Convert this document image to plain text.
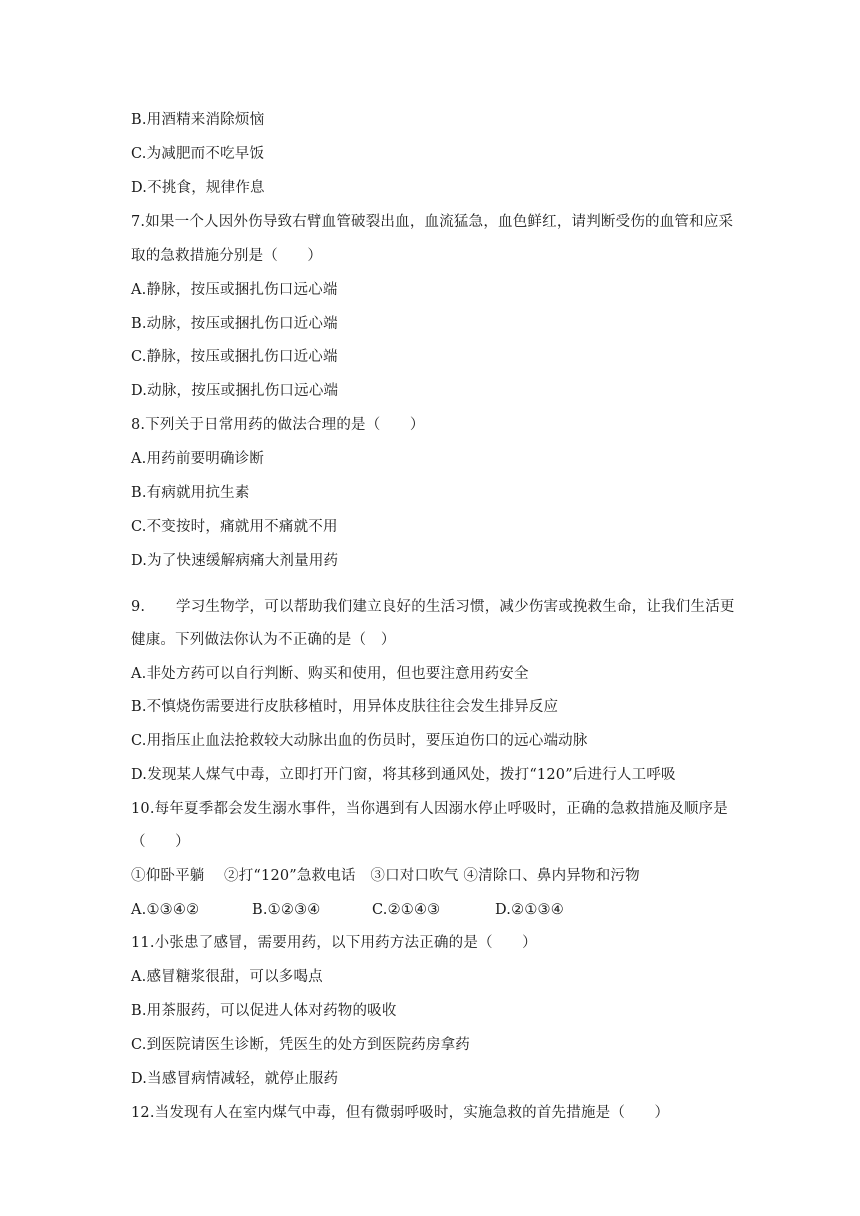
B.用酒精来消除烦恼
C.为减肥而不吃早饭
D.不挑食，规律作息
7.如果一个人因外伤导致右臂血管破裂出血，血流猛急，血色鲜红，请判断受伤的血管和应采
取的急救措施分别是（　　）
A.静脉，按压或捆扎伤口远心端
B.动脉，按压或捆扎伤口近心端
C.静脉，按压或捆扎伤口近心端
D.动脉，按压或捆扎伤口远心端
8.下列关于日常用药的做法合理的是（　　）
A.用药前要明确诊断
B.有病就用抗生素
C.不变按时，痛就用不痛就不用
D.为了快速缓解病痛大剂量用药
9. 学习生物学，可以帮助我们建立良好的生活习惯，减少伤害或挽救生命，让我们生活更
健康。下列做法你认为不正确的是（　）
A.非处方药可以自行判断、购买和使用，但也要注意用药安全
B.不慎烧伤需要进行皮肤移植时，用异体皮肤往往会发生排异反应
C.用指压止血法抢救较大动脉出血的伤员时，要压迫伤口的远心端动脉
D.发现某人煤气中毒，立即打开门窗，将其移到通风处，拨打“120”后进行人工呼吸
10.每年夏季都会发生溺水事件，当你遇到有人因溺水停止呼吸时，正确的急救措施及顺序是
（　　）
①仰卧平躺　 ②打“120”急救电话　③口对口吹气 ④清除口、鼻内异物和污物
A.①③④②	B.①②③④	C.②①④③	D.②①③④
11.小张患了感冒，需要用药，以下用药方法正确的是（　　）
A.感冒糖浆很甜，可以多喝点
B.用茶服药，可以促进人体对药物的吸收
C.到医院请医生诊断，凭医生的处方到医院药房拿药
D.当感冒病情减轻，就停止服药
12.当发现有人在室内煤气中毒，但有微弱呼吸时，实施急救的首先措施是（　　）
